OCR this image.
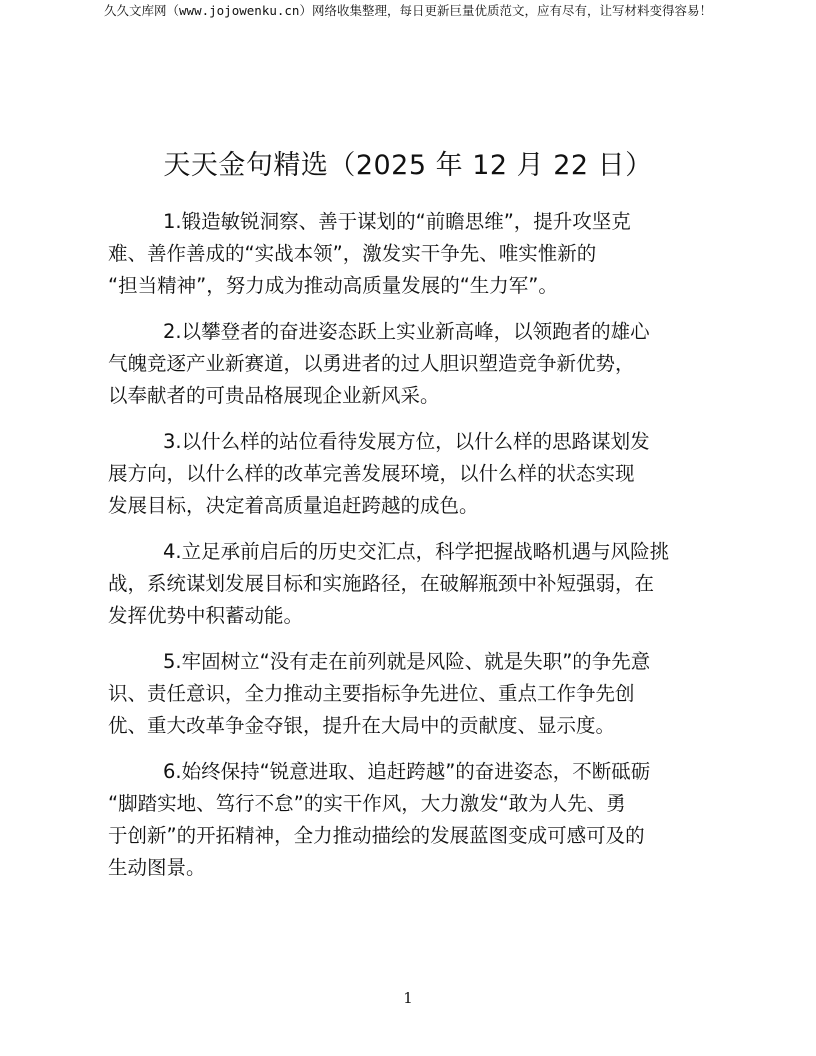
久久文库网（www.jojowenku.cn）网络收集整理，每日更新巨量优质范文，应有尽有，让写材料变得容易！
天天金句精选（2025 年 12 月 22 日）

1.锻造敏锐洞察、善于谋划的“前瞻思维”，提升攻坚克
难、善作善成的“实战本领”，激发实干争先、唯实惟新的
“担当精神”，努力成为推动高质量发展的“生力军”。

2.以攀登者的奋进姿态跃上实业新高峰，以领跑者的雄心
气魄竞逐产业新赛道，以勇进者的过人胆识塑造竞争新优势，
以奉献者的可贵品格展现企业新风采。

3.以什么样的站位看待发展方位，以什么样的思路谋划发
展方向，以什么样的改革完善发展环境，以什么样的状态实现
发展目标，决定着高质量追赶跨越的成色。

4.立足承前启后的历史交汇点，科学把握战略机遇与风险挑
战，系统谋划发展目标和实施路径，在破解瓶颈中补短强弱，在
发挥优势中积蓄动能。

5.牢固树立“没有走在前列就是风险、就是失职”的争先意
识、责任意识，全力推动主要指标争先进位、重点工作争先创
优、重大改革争金夺银，提升在大局中的贡献度、显示度。

6.始终保持“锐意进取、追赶跨越”的奋进姿态，不断砥砺
“脚踏实地、笃行不怠”的实干作风，大力激发“敢为人先、勇
于创新”的开拓精神，全力推动描绘的发展蓝图变成可感可及的
生动图景。

1
